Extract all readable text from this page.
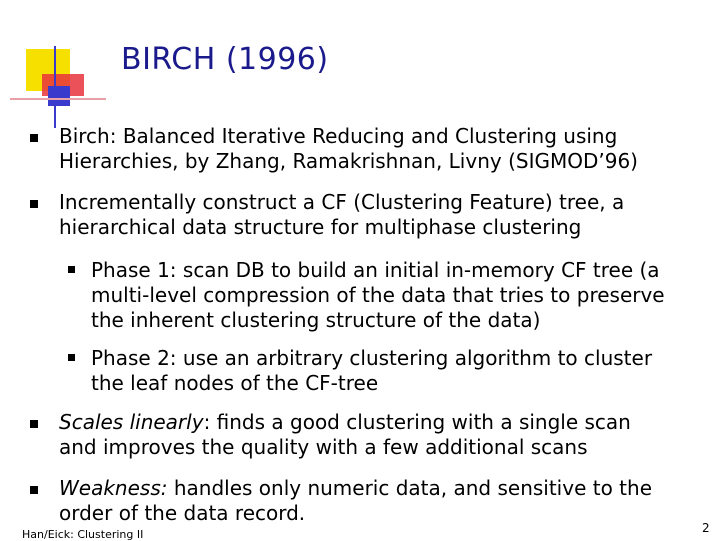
BIRCH (1996)
Birch: Balanced Iterative Reducing and Clustering using
Hierarchies, by Zhang, Ramakrishnan, Livny (SIGMOD’96)
Incrementally construct a CF (Clustering Feature) tree, a
hierarchical data structure for multiphase clustering
Phase 1: scan DB to build an initial in-memory CF tree (a
multi-level compression of the data that tries to preserve
the inherent clustering structure of the data)
Phase 2: use an arbitrary clustering algorithm to cluster
the leaf nodes of the CF-tree
Scales linearly: finds a good clustering with a single scan
and improves the quality with a few additional scans
Weakness: handles only numeric data, and sensitive to the
order of the data record.
Han/Eick: Clustering II	2
